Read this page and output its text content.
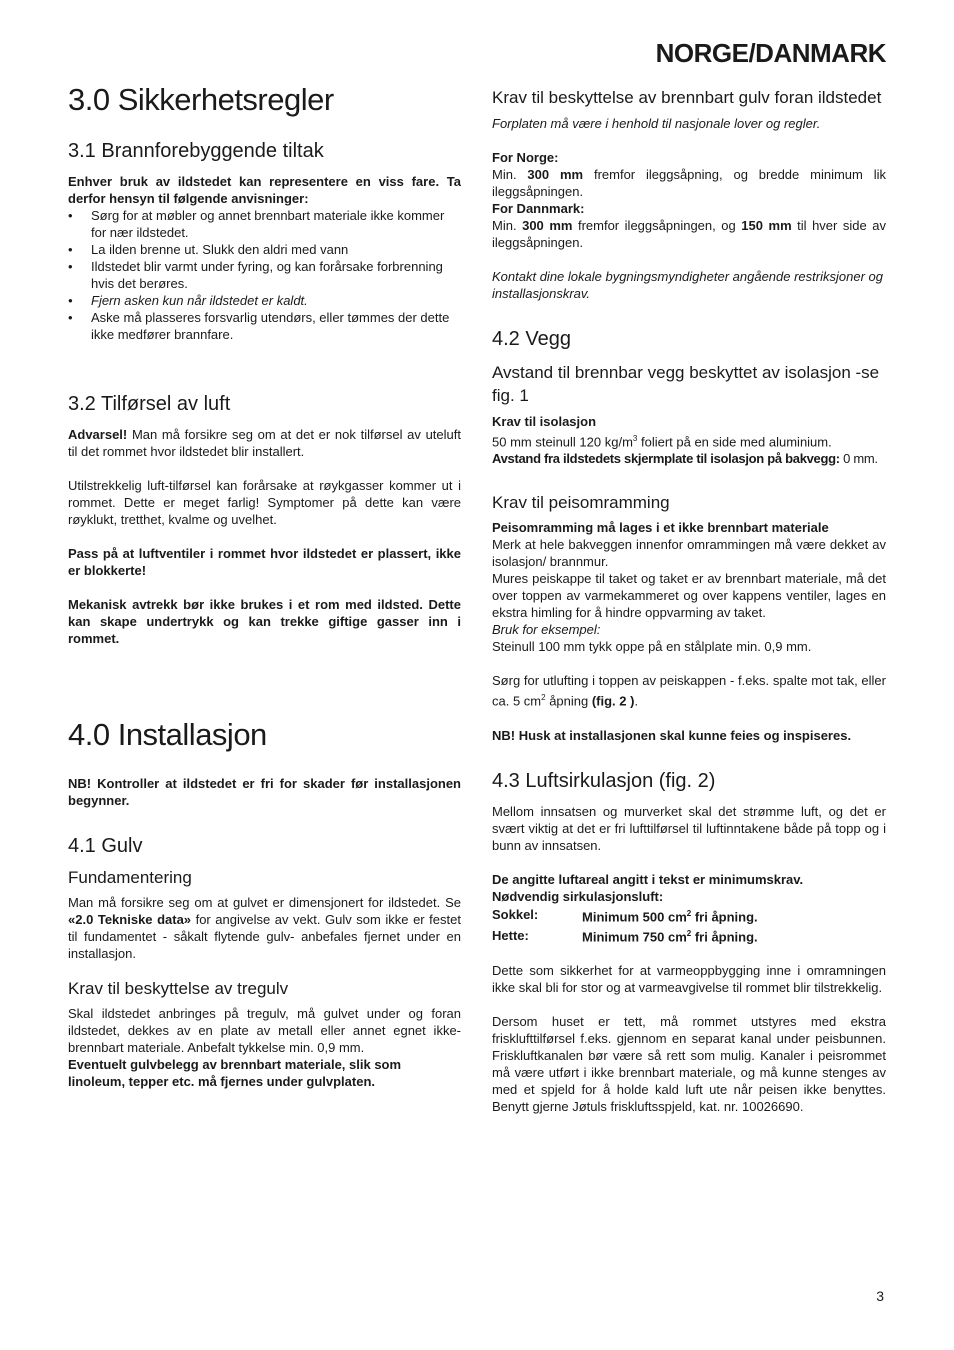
NORGE/DANMARK
3.0 Sikkerhetsregler
3.1 Brannforebyggende tiltak

Enhver bruk av ildstedet kan representere en viss fare. Ta derfor hensyn til følgende anvisninger:

• Sørg for at møbler og annet brennbart materiale ikke kommer for nær ildstedet.
• La ilden brenne ut. Slukk den aldri med vann
• Ildstedet blir varmt under fyring, og kan forårsake forbrenning hvis det berøres.
• Fjern asken kun når ildstedet er kaldt.
• Aske må plasseres forsvarlig utendørs, eller tømmes der dette ikke medfører brannfare.
3.2 Tilførsel av luft

Advarsel! Man må forsikre seg om at det er nok tilførsel av uteluft til det rommet hvor ildstedet blir installert.

Utilstrekkelig luft-tilførsel kan forårsake at røykgasser kommer ut i rommet. Dette er meget farlig! Symptomer på dette kan være røyklukt, tretthet, kvalme og uvelhet.

Pass på at luftventiler i rommet hvor ildstedet er plassert, ikke er blokkerte!

Mekanisk avtrekk bør ikke brukes i et rom med ildsted. Dette kan skape undertrykk og kan trekke giftige gasser inn i rommet.

4.0 Installasjon

NB! Kontroller at ildstedet er fri for skader før installasjonen begynner.

4.1 Gulv
Fundamentering

Man må forsikre seg om at gulvet er dimensjonert for ildstedet. Se «2.0 Tekniske data» for angivelse av vekt. Gulv som ikke er festet til fundamentet - såkalt flytende gulv- anbefales fjernet under en installasjon.

Krav til beskyttelse av tregulv

Skal ildstedet anbringes på tregulv, må gulvet under og foran ildstedet, dekkes av en plate av metall eller annet egnet ikke-brennbart materiale. Anbefalt tykkelse min. 0,9 mm.

Eventuelt gulvbelegg av brennbart materiale, slik som linoleum, tepper etc. må fjernes under gulvplaten.

Krav til beskyttelse av brennbart gulv foran ildstedet

Forplaten må være i henhold til nasjonale lover og regler.

For Norge:

Min. 300 mm fremfor ileggsåpning, og bredde minimum lik ileggsåpningen.

For Dannmark:

Min. 300 mm fremfor ileggsåpningen, og 150 mm til hver side av ileggsåpningen.

Kontakt dine lokale bygningsmyndigheter angående restriksjoner og installasjonskrav.

4.2 Vegg
Avstand til brennbar vegg beskyttet av isolasjon -se fig. 1

Krav til isolasjon

50 mm steinull 120 $kg/m^3$ foliert på en side med aluminium.

Avstand fra ildstedets skjermplate til isolasjon på bakvegg: 0 mm.

Krav til peisomramming

Peisomramming må lages i et ikke brennbart materiale

Merk at hele bakveggen innenfor omrammingen må være dekket av isolasjon/ brannmur.

Mures peiskappe til taket og taket er av brennbart materiale, må det over toppen av varmekammeret og over kappens ventiler, lages en ekstra himling for å hindre oppvarming av taket.

Bruk for eksempel:

Steinull 100 mm tykk oppe på en stålplate min. 0,9 mm.

Sørg for utlufting i toppen av peiskappen - f.eks. spalte mot tak, eller ca. 5 $cm^2$ åpning (fig. 2 ).

NB! Husk at installasjonen skal kunne feies og inspiseres.

4.3 Luftsirkulasjon (fig. 2)

Mellom innsatsen og murverket skal det strømme luft, og det er svært viktig at det er fri lufttilførsel til luftinntakene både på topp og i bunn av innsatsen.

De angitte luftareal angitt i tekst er minimumskrav.

Nødvendig sirkulasjonsluft:

Sokkel:	Minimum 500 $cm^2$ fri åpning.
Hette:	Minimum 750 $cm^2$ fri åpning.

Dette som sikkerhet for at varmeoppbygging inne i omramningen ikke skal bli for stor og at varmeavgivelse til rommet blir tilstrekkelig.

Dersom huset er tett, må rommet utstyres med ekstra frisklufttilførsel f.eks. gjennom en separat kanal under peisbunnen. Friskluftkanalen bør være så rett som mulig. Kanaler i peisrommet må være utført i ikke brennbart materiale, og må kunne stenges av med et spjeld for å holde kald luft ute når peisen ikke benyttes. Benytt gjerne Jøtuls friskluftsspjeld, kat. nr. 10026690.

3
